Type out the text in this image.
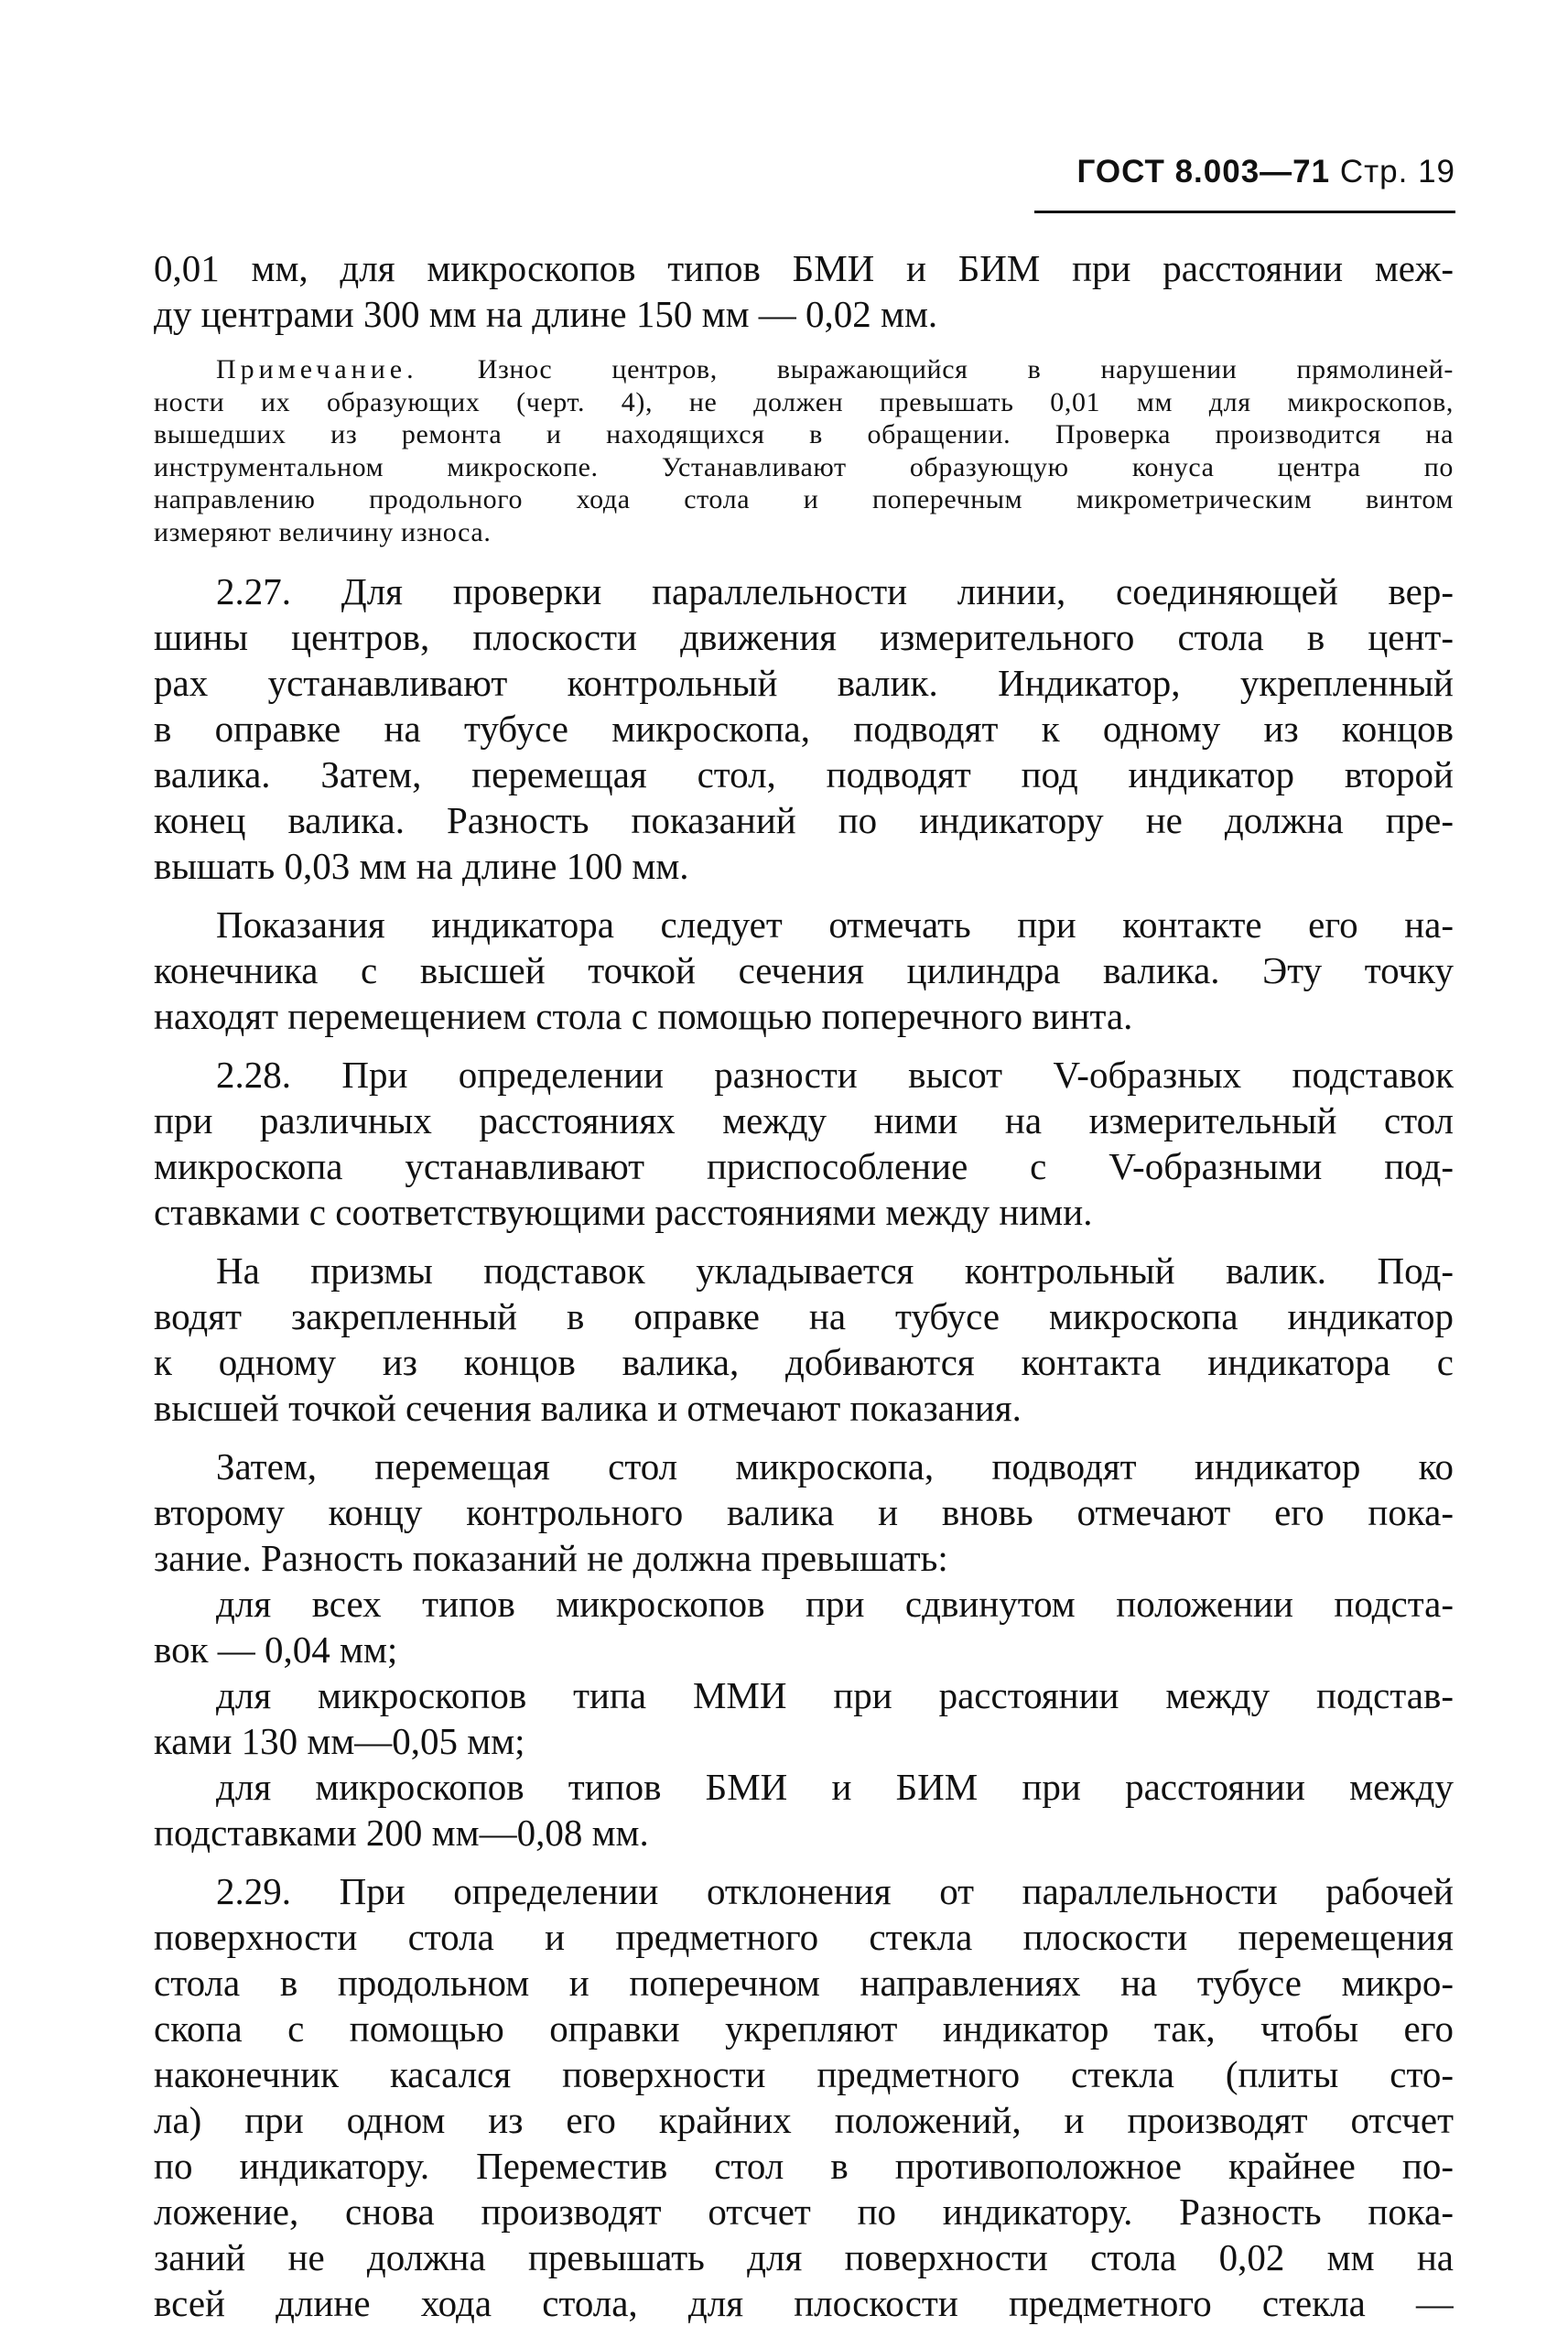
ГОСТ 8.003—71 Стр. 19
0,01 мм, для микроскопов типов БМИ и БИМ при расстоянии меж-
ду центрами 300 мм на длине 150 мм — 0,02 мм.
Примечание. Износ центров, выражающийся в нарушении прямолиней-
ности их образующих (черт. 4), не должен превышать 0,01 мм для микроскопов,
вышедших из ремонта и находящихся в обращении. Проверка производится на
инструментальном микроскопе. Устанавливают образующую конуса центра по
направлению продольного хода стола и поперечным микрометрическим винтом
измеряют величину износа.
2.27. Для проверки параллельности линии, соединяющей вер-
шины центров, плоскости движения измерительного стола в цент-
рах устанавливают контрольный валик. Индикатор, укрепленный
в оправке на тубусе микроскопа, подводят к одному из концов
валика. Затем, перемещая стол, подводят под индикатор второй
конец валика. Разность показаний по индикатору не должна пре-
вышать 0,03 мм на длине 100 мм.
Показания индикатора следует отмечать при контакте его на-
конечника с высшей точкой сечения цилиндра валика. Эту точку
находят перемещением стола с помощью поперечного винта.
2.28. При определении разности высот V-образных подставок
при различных расстояниях между ними на измерительный стол
микроскопа устанавливают приспособление с V-образными под-
ставками с соответствующими расстояниями между ними.
На призмы подставок укладывается контрольный валик. Под-
водят закрепленный в оправке на тубусе микроскопа индикатор
к одному из концов валика, добиваются контакта индикатора с
высшей точкой сечения валика и отмечают показания.
Затем, перемещая стол микроскопа, подводят индикатор ко
второму концу контрольного валика и вновь отмечают его пока-
зание. Разность показаний не должна превышать:
для всех типов микроскопов при сдвинутом положении подста-
вок — 0,04 мм;
для микроскопов типа ММИ при расстоянии между подстав-
ками 130 мм—0,05 мм;
для микроскопов типов БМИ и БИМ при расстоянии между
подставками 200 мм—0,08 мм.
2.29. При определении отклонения от параллельности рабочей
поверхности стола и предметного стекла плоскости перемещения
стола в продольном и поперечном направлениях на тубусе микро-
скопа с помощью оправки укрепляют индикатор так, чтобы его
наконечник касался поверхности предметного стекла (плиты сто-
ла) при одном из его крайних положений, и производят отсчет
по индикатору. Переместив стол в противоположное крайнее по-
ложение, снова производят отсчет по индикатору. Разность пока-
заний не должна превышать для поверхности стола 0,02 мм на
всей длине хода стола, для плоскости предметного стекла —
